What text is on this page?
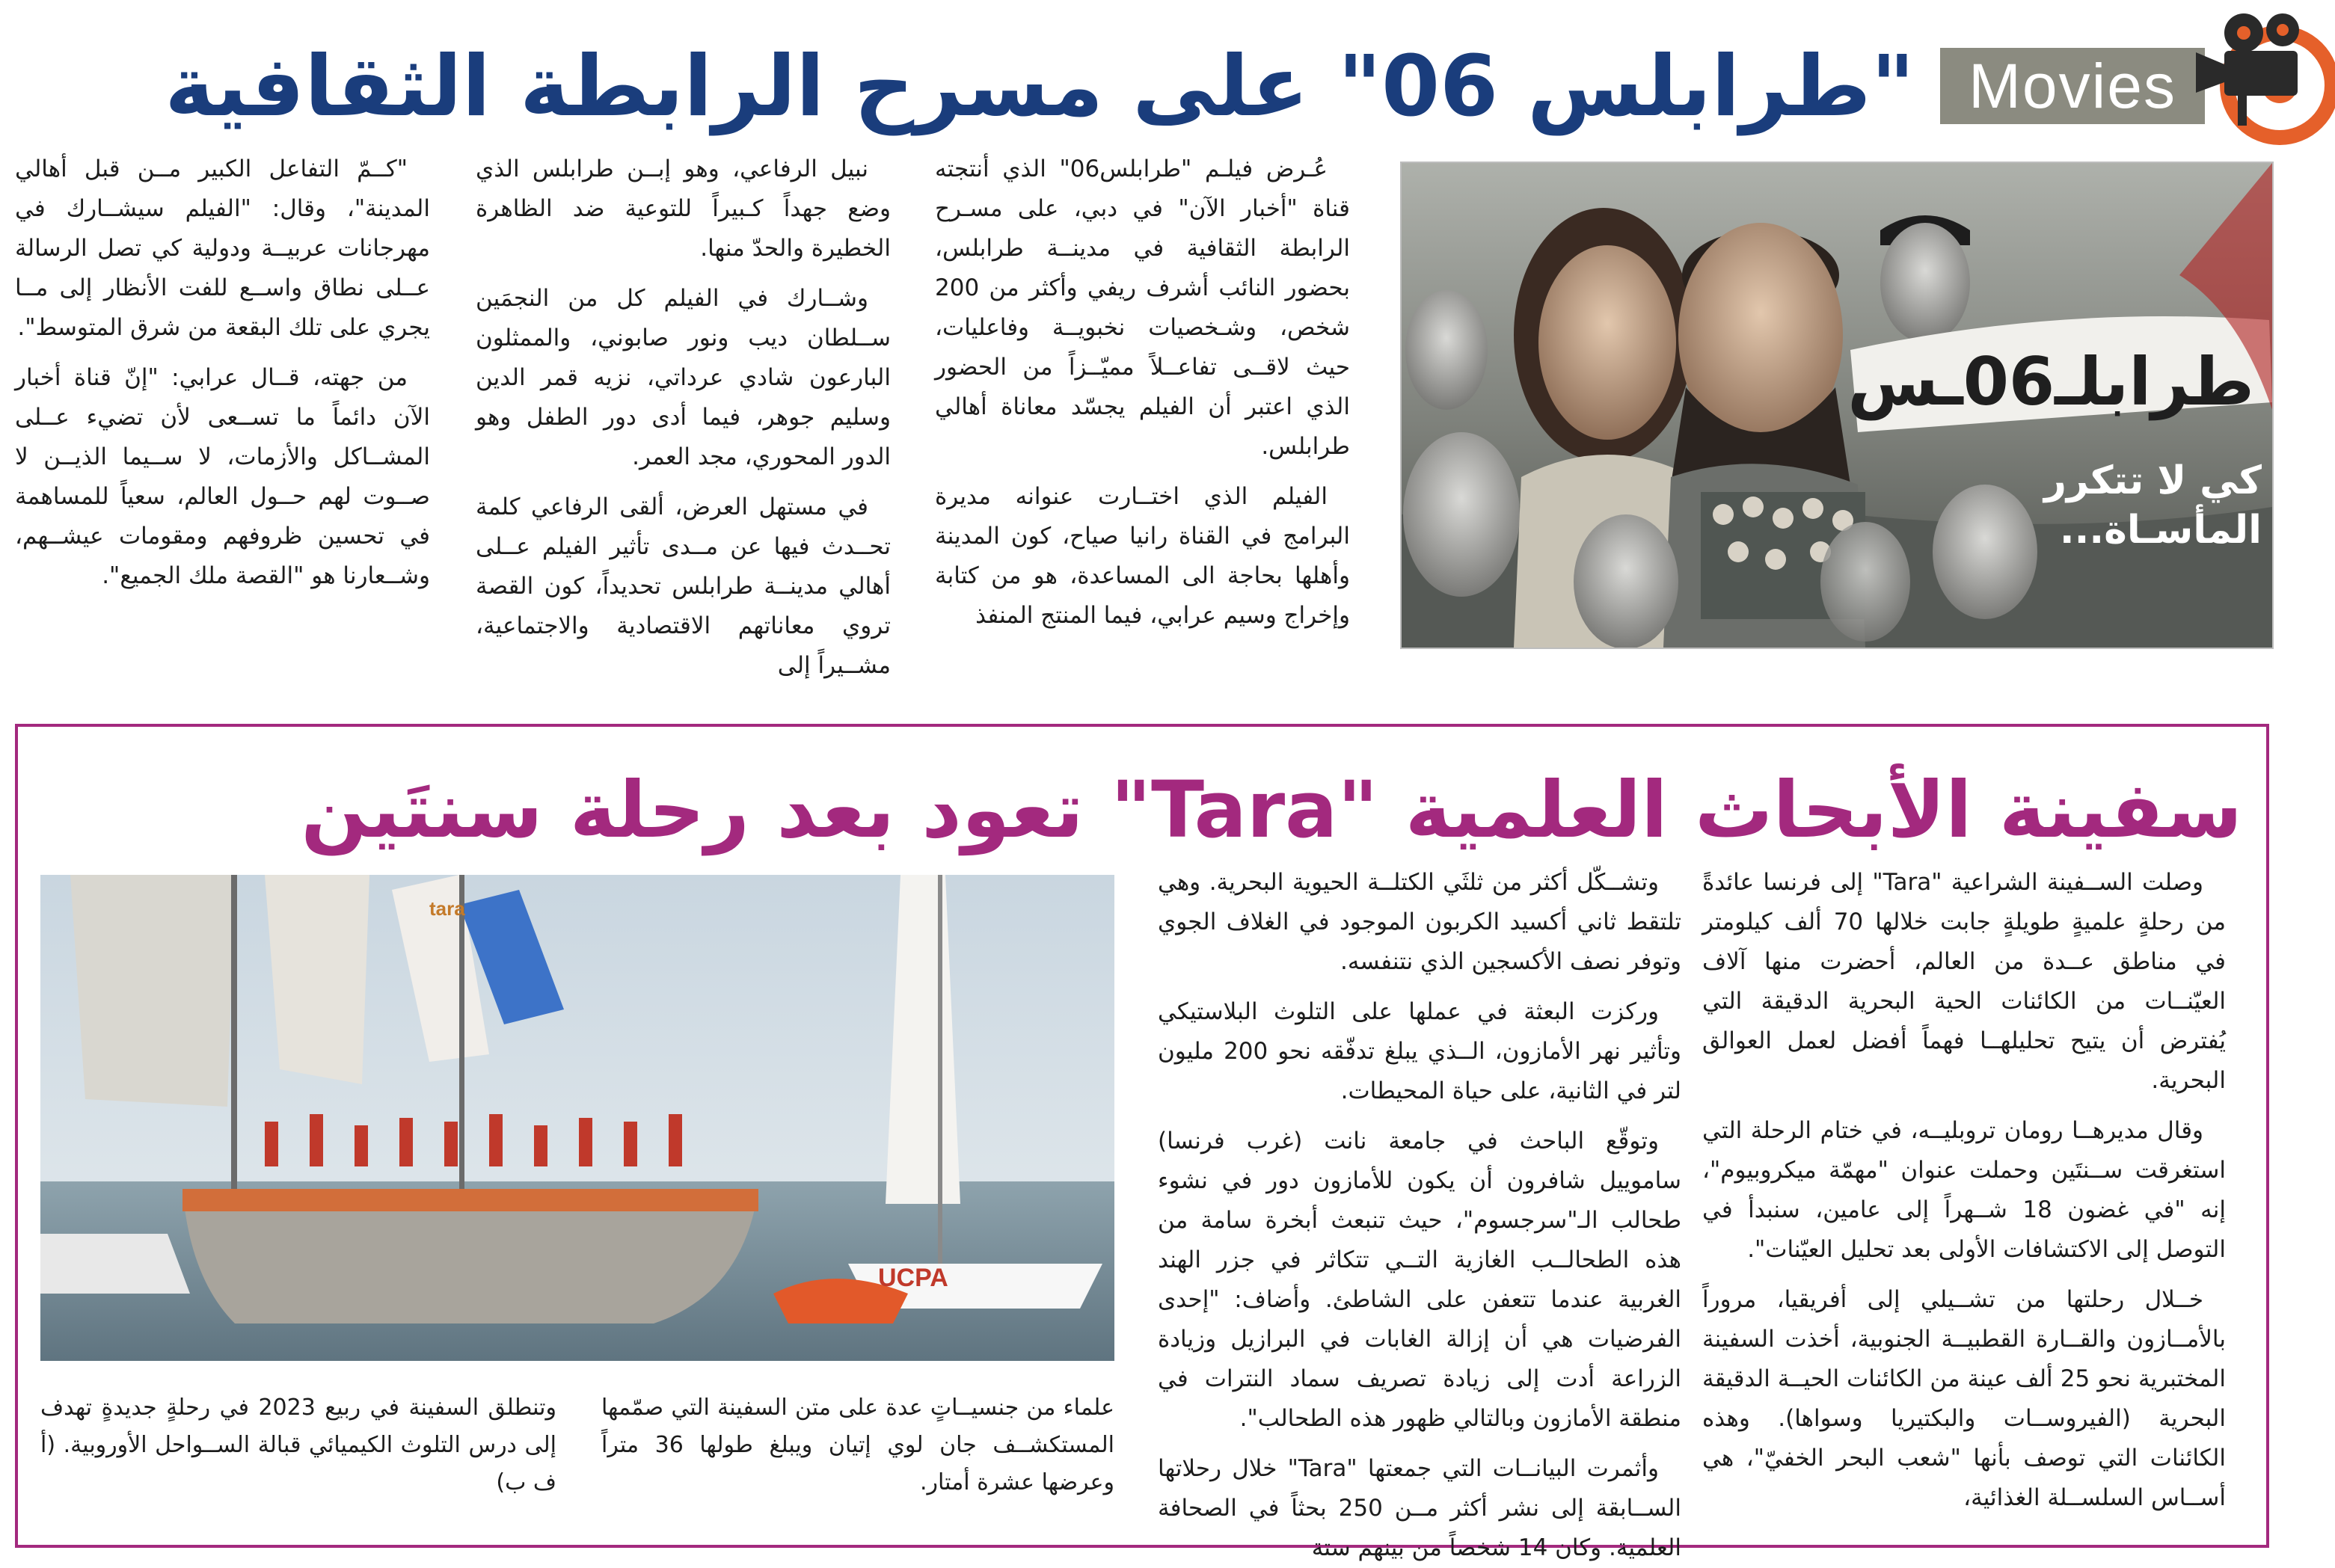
"طرابلس 06" على مسرح الرابطة الثقافية Movies

عُـرض فيلـم "طرابلس06" الذي أنتجته قناة "أخبار الآن" في دبي، على مسـرح الرابطة الثقافية في مدينــة طرابلس، بحضور النائب أشرف ريفي وأكثر من 200 شخص، وشـخصيات نخبويــة وفاعليات، حيث لاقــى تفاعــلاً مميّــزاً من الحضور الذي اعتبر أن الفيلم يجسّد معاناة أهالي طرابلس.

الفيلم الذي اختــارت عنوانه مديرة البرامج في القناة رانيا صياح، كون المدينة وأهلها بحاجة الى المساعدة، هو من كتابة وإخراج وسيم عرابي، فيما المنتج المنفذ

نبيل الرفاعي، وهو إبــن طرابلس الذي وضع جهداً كـبيراً للتوعية ضد الظاهرة الخطيرة والحدّ منها.

وشــارك في الفيلم كل من النجمَين ســلطان ديب ونور صابوني، والممثلون البارعون شادي عرداتي، نزيه قمر الدين وسليم جوهر، فيما أدى دور الطفل وهو الدور المحوري، مجد العمر.

في مستهل العرض، ألقى الرفاعي كلمة تحــدث فيها عن مــدى تأثير الفيلم عــلى أهالي مدينــة طرابلس تحديداً، كون القصة تروي معاناتهم الاقتصادية والاجتماعية، مشــيراً إلى

"كــمّ التفاعل الكبير مــن قبل أهالي المدينة"، وقال: "الفيلم سيشــارك في مهرجانات عربيــة ودولية كي تصل الرسالة عــلى نطاق واســع للفت الأنظار إلى مــا يجري على تلك البقعة من شرق المتوسط".

من جهته، قــال عرابي: "إنّ قناة أخبار الآن دائماً ما تســعى لأن تضيء عــلى المشــاكل والأزمات، لا ســيما الذيــن لا صــوت لهم حــول العالم، سعياً للمساهمة في تحسين ظروفهم ومقومات عيشــهم، وشــعارنا هو "القصة ملك الجميع".

طرابلـ06ـس
كي لا تتكرر
المأسـاة...
سفينة الأبحاث العلمية "Tara" تعود بعد رحلة سنتَين

وصلت الســفينة الشراعية "Tara" إلى فرنسا عائدةً من رحلةٍ علميةٍ طويلةٍ جابت خلالها 70 ألف كيلومتر في مناطق عــدة من العالم، أحضرت منها آلاف العيّنــات من الكائنات الحية البحرية الدقيقة التي يُفترض أن يتيح تحليلهــا فهماً أفضل لعمل العوالق البحرية.

وقال مديرهــا رومان تروبليــه، في ختام الرحلة التي استغرقت ســنتَين وحملت عنوان "مهمّة ميكروبيوم"، إنه "في غضون 18 شــهراً إلى عامين، سنبدأ في التوصل إلى الاكتشافات الأولى بعد تحليل العيّنات".

خــلال رحلتها من تشــيلي إلى أفريقيا، مروراً بالأمــازون والقــارة القطبيــة الجنوبية، أخذت السفينة المختبرية نحو 25 ألف عينة من الكائنات الحيــة الدقيقة البحرية (الفيروســات والبكتيريا وسواها). وهذه الكائنات التي توصف بأنها "شعب البحر الخفيّ"، هي أســاس السلســلة الغذائية،

وتشــكّل أكثر من ثلثَي الكتلــة الحيوية البحرية. وهي تلتقط ثاني أكسيد الكربون الموجود في الغلاف الجوي وتوفر نصف الأكسجين الذي نتنفسه.

وركزت البعثة في عملها على التلوث البلاستيكي وتأثير نهر الأمازون، الــذي يبلغ تدفّقه نحو 200 مليون لتر في الثانية، على حياة المحيطات.

وتوقّع الباحث في جامعة نانت (غرب فرنسا) ساموييل شافرون أن يكون للأمازون دور في نشوء طحالب الـ"سرجسوم"، حيث تنبعث أبخرة سامة من هذه الطحالــب الغازية التــي تتكاثر في جزر الهند الغربية عندما تتعفن على الشاطئ. وأضاف: "إحدى الفرضيات هي أن إزالة الغابات في البرازيل وزيادة الزراعة أدت إلى زيادة تصريف سماد النترات في منطقة الأمازون وبالتالي ظهور هذه الطحالب".

وأثمرت البيانــات التي جمعتها "Tara" خلال رحلاتها الســابقة إلى نشر أكثر مــن 250 بحثاً في الصحافة العلمية. وكان 14 شخصاً من بينهم ستة

UCPA
tara

علماء من جنسيــاتٍ عدة على متن السفينة التي صمّمها المستكشــف جان لوي إتيان ويبلغ طولها 36 متراً وعرضها عشرة أمتار.

وتنطلق السفينة في ربيع 2023 في رحلةٍ جديدةٍ تهدف إلى درس التلوث الكيميائي قبالة الســواحل الأوروبية. (أ ف ب)
